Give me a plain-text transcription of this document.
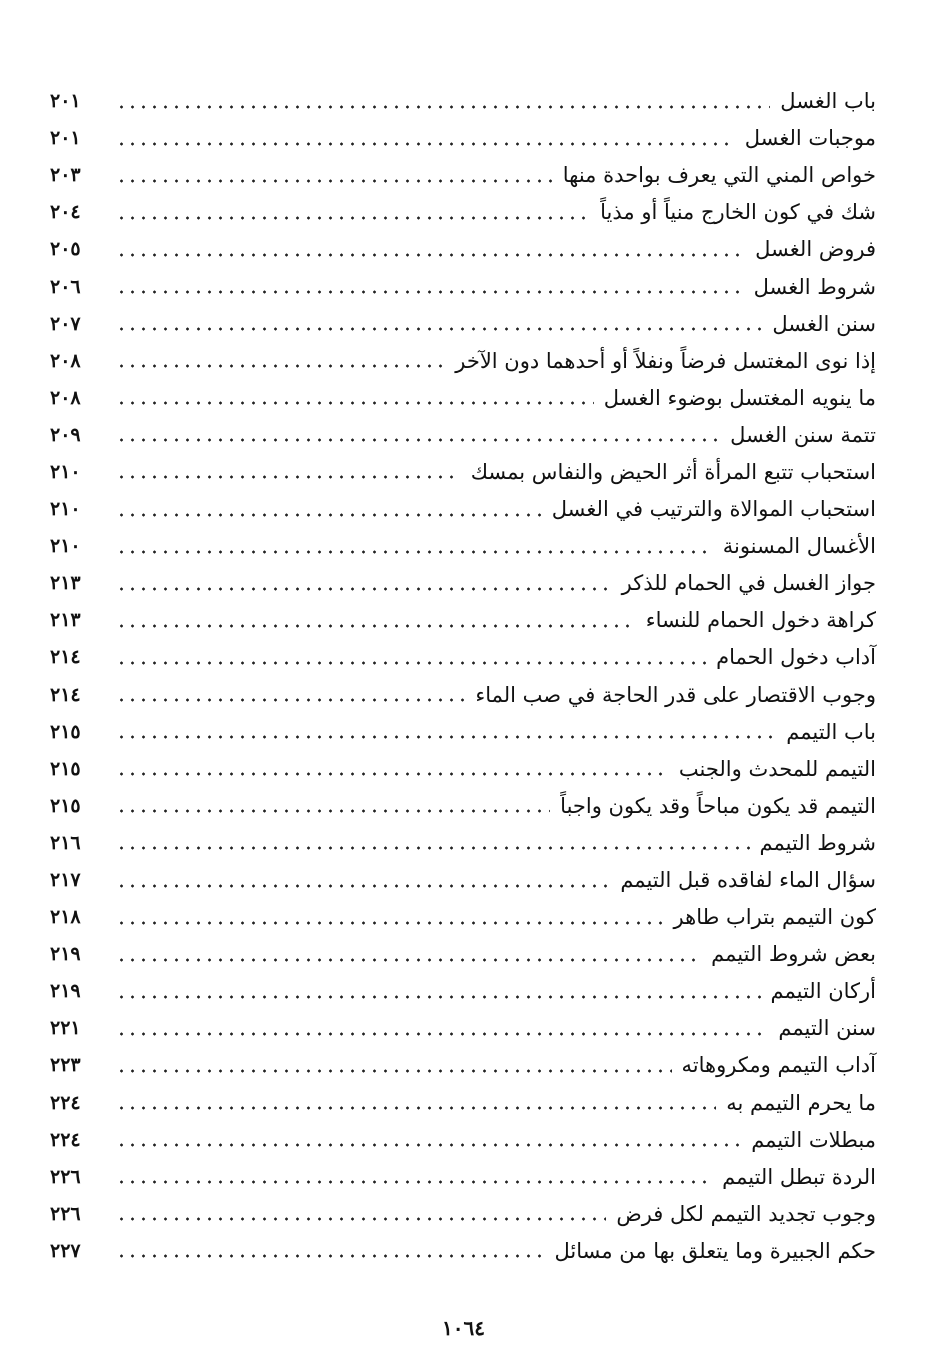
باب الغسل
٢٠١
موجبات الغسل
٢٠١
خواص المني التي يعرف بواحدة منها
٢٠٣
شك في كون الخارج منياً أو مذياً
٢٠٤
فروض الغسل
٢٠٥
شروط الغسل
٢٠٦
سنن الغسل
٢٠٧
إذا نوى المغتسل فرضاً ونفلاً أو أحدهما دون الآخر
٢٠٨
ما ينويه المغتسل بوضوء الغسل
٢٠٨
تتمة سنن الغسل
٢٠٩
استحباب تتبع المرأة أثر الحيض والنفاس بمسك
٢١٠
استحباب الموالاة والترتيب في الغسل
٢١٠
الأغسال المسنونة
٢١٠
جواز الغسل في الحمام للذكر
٢١٣
كراهة دخول الحمام للنساء
٢١٣
آداب دخول الحمام
٢١٤
وجوب الاقتصار على قدر الحاجة في صب الماء
٢١٤
باب التيمم
٢١٥
التيمم للمحدث والجنب
٢١٥
التيمم قد يكون مباحاً وقد يكون واجباً
٢١٥
شروط التيمم
٢١٦
سؤال الماء لفاقده قبل التيمم
٢١٧
كون التيمم بتراب طاهر
٢١٨
بعض شروط التيمم
٢١٩
أركان التيمم
٢١٩
سنن التيمم
٢٢١
آداب التيمم ومكروهاته
٢٢٣
ما يحرم التيمم به
٢٢٤
مبطلات التيمم
٢٢٤
الردة تبطل التيمم
٢٢٦
وجوب تجديد التيمم لكل فرض
٢٢٦
حكم الجبيرة وما يتعلق بها من مسائل
٢٢٧
١٠٦٤
